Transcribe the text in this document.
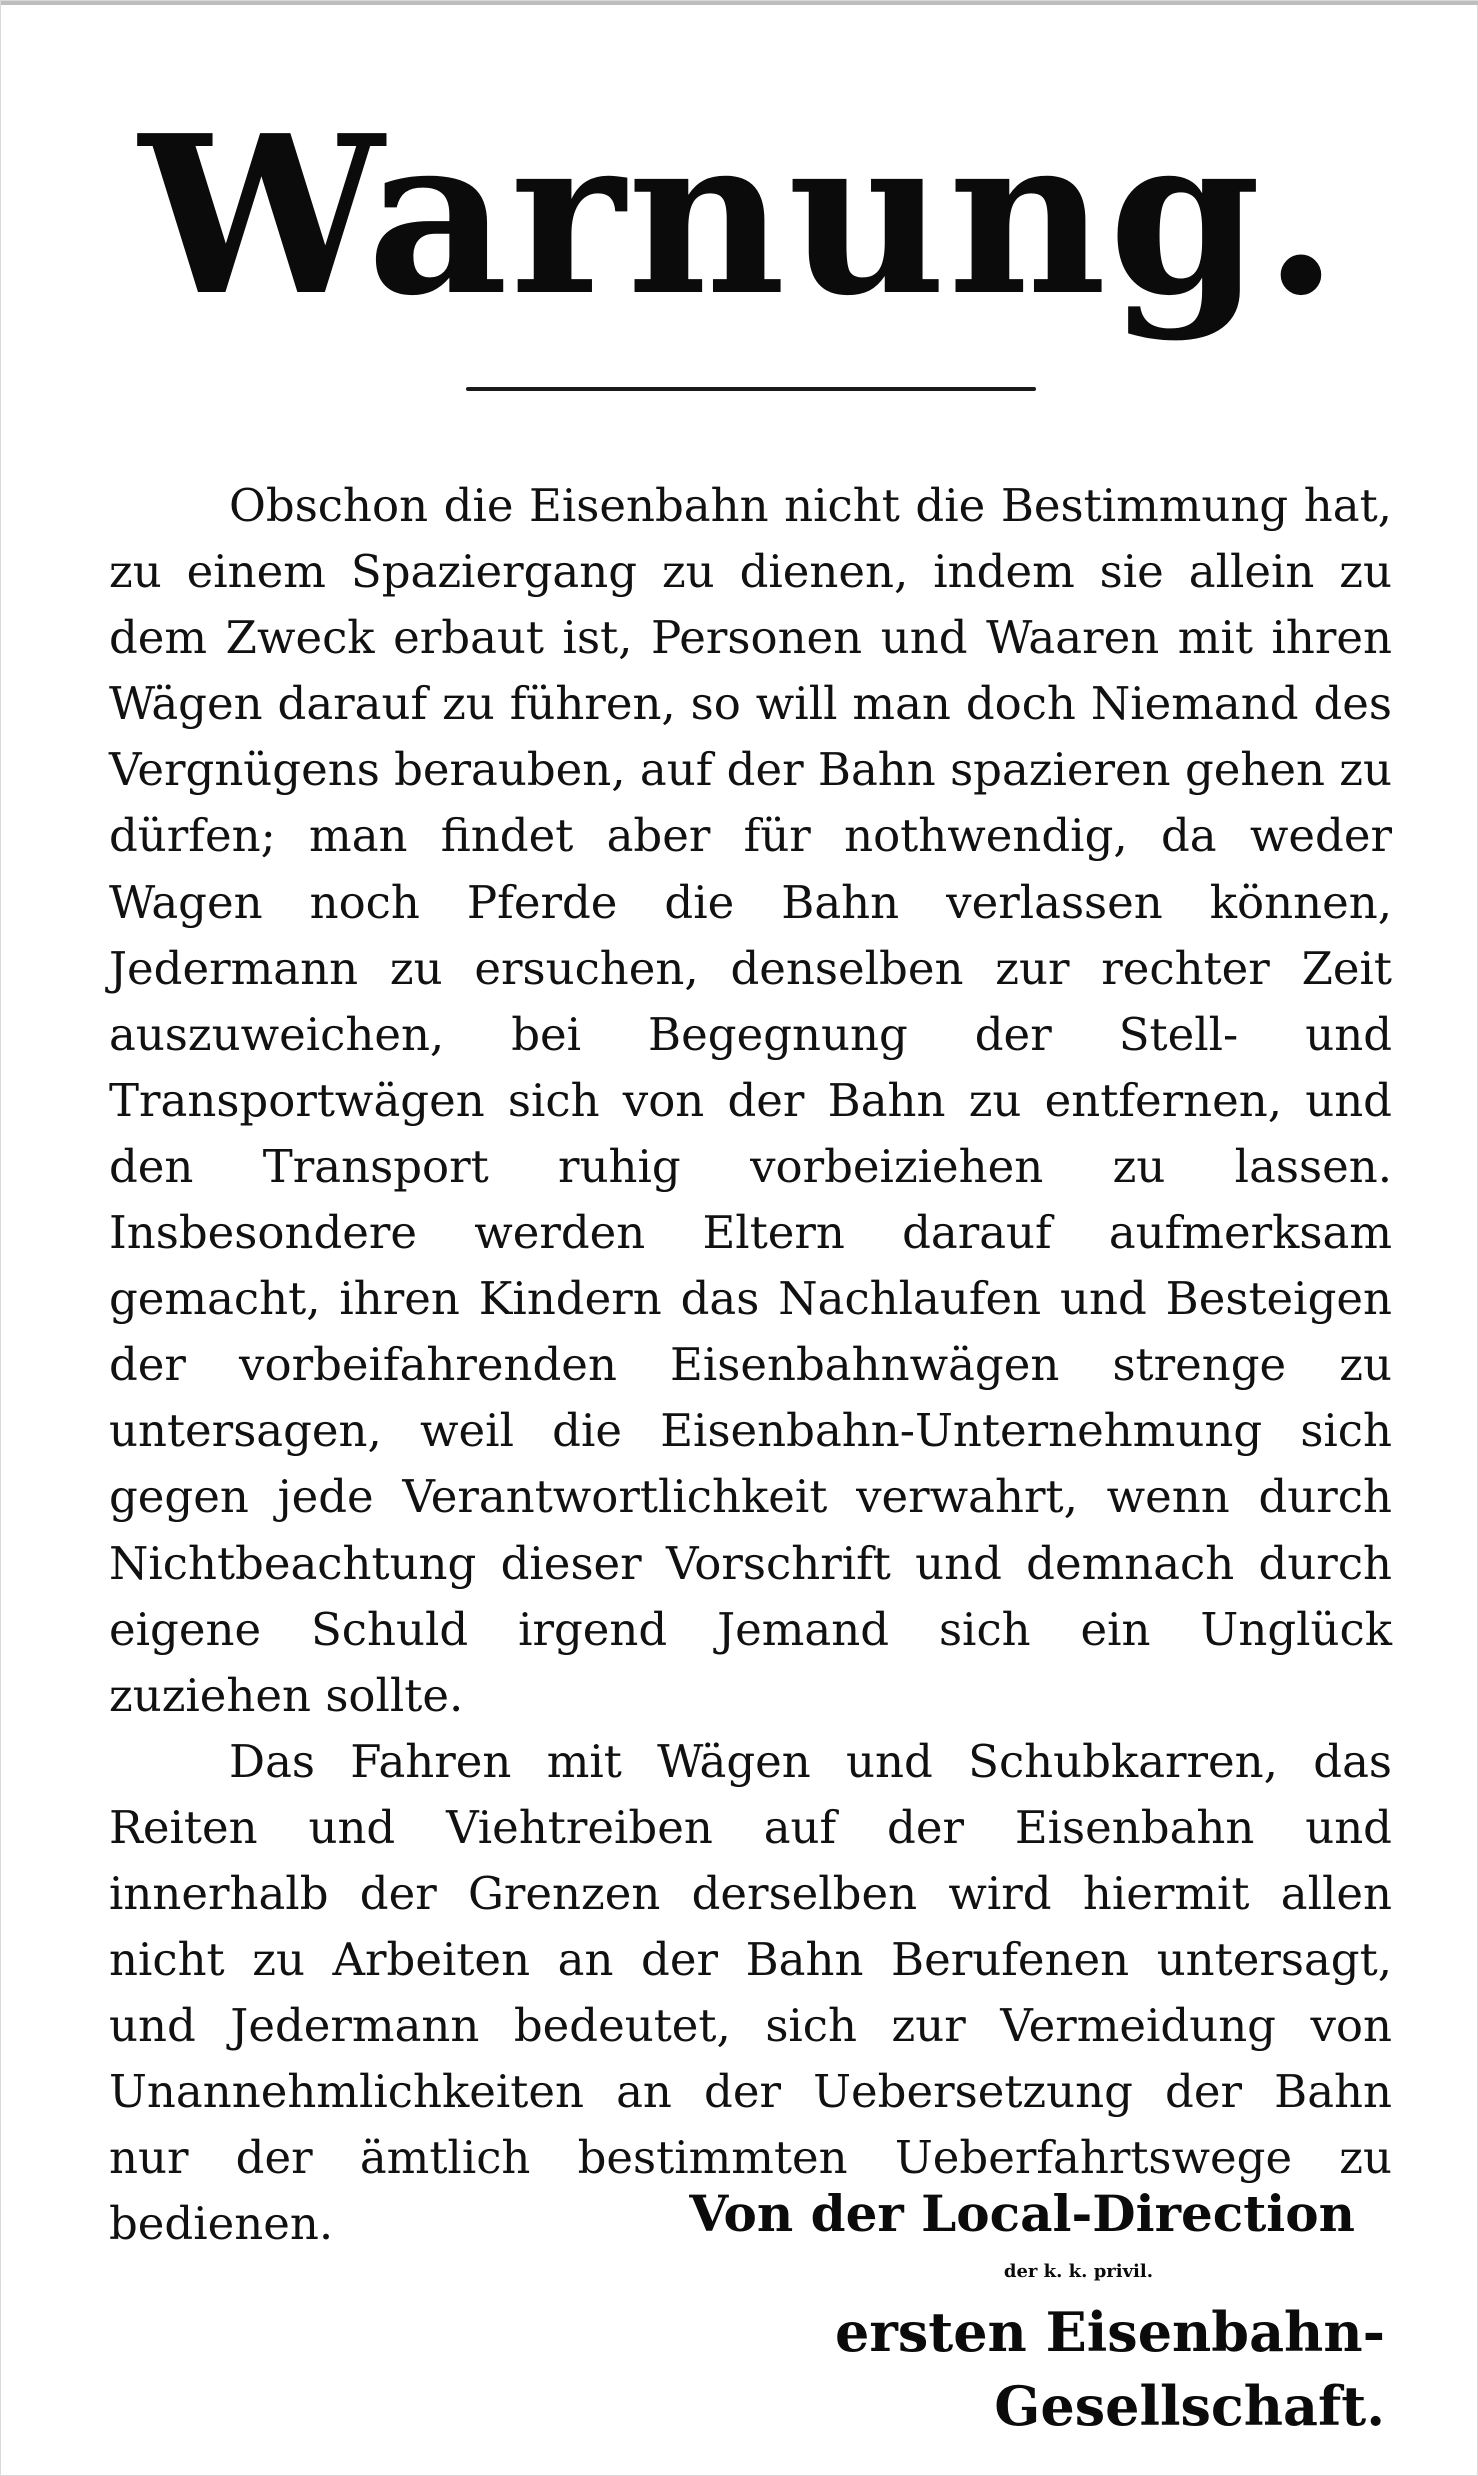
Warnung.

Obschon die Eisenbahn nicht die Bestimmung hat, zu einem Spaziergang zu dienen, indem sie allein zu dem Zweck erbaut ist, Personen und Waaren mit ihren Wägen darauf zu führen, so will man doch Niemand des Vergnügens berauben, auf der Bahn spazieren gehen zu dürfen; man findet aber für nothwendig, da weder Wagen noch Pferde die Bahn verlassen können, Jedermann zu ersuchen, denselben zur rechter Zeit auszuweichen, bei Begegnung der Stell- und Transportwägen sich von der Bahn zu entfernen, und den Transport ruhig vorbeiziehen zu lassen. Insbesondere werden Eltern darauf aufmerksam gemacht, ihren Kindern das Nachlaufen und Besteigen der vorbeifahrenden Eisenbahnwägen strenge zu untersagen, weil die Eisenbahn-Unternehmung sich gegen jede Verantwortlichkeit verwahrt, wenn durch Nichtbeachtung dieser Vorschrift und demnach durch eigene Schuld irgend Jemand sich ein Unglück zuziehen sollte.

Das Fahren mit Wägen und Schubkarren, das Reiten und Viehtreiben auf der Eisenbahn und innerhalb der Grenzen derselben wird hiermit allen nicht zu Arbeiten an der Bahn Berufenen untersagt, und Jedermann bedeutet, sich zur Vermeidung von Unannehmlichkeiten an der Uebersetzung der Bahn nur der ämtlich bestimmten Ueberfahrtswege zu bedienen.	Von der Local-Direction
der k. k. privil.
ersten Eisenbahn-Gesellschaft.
